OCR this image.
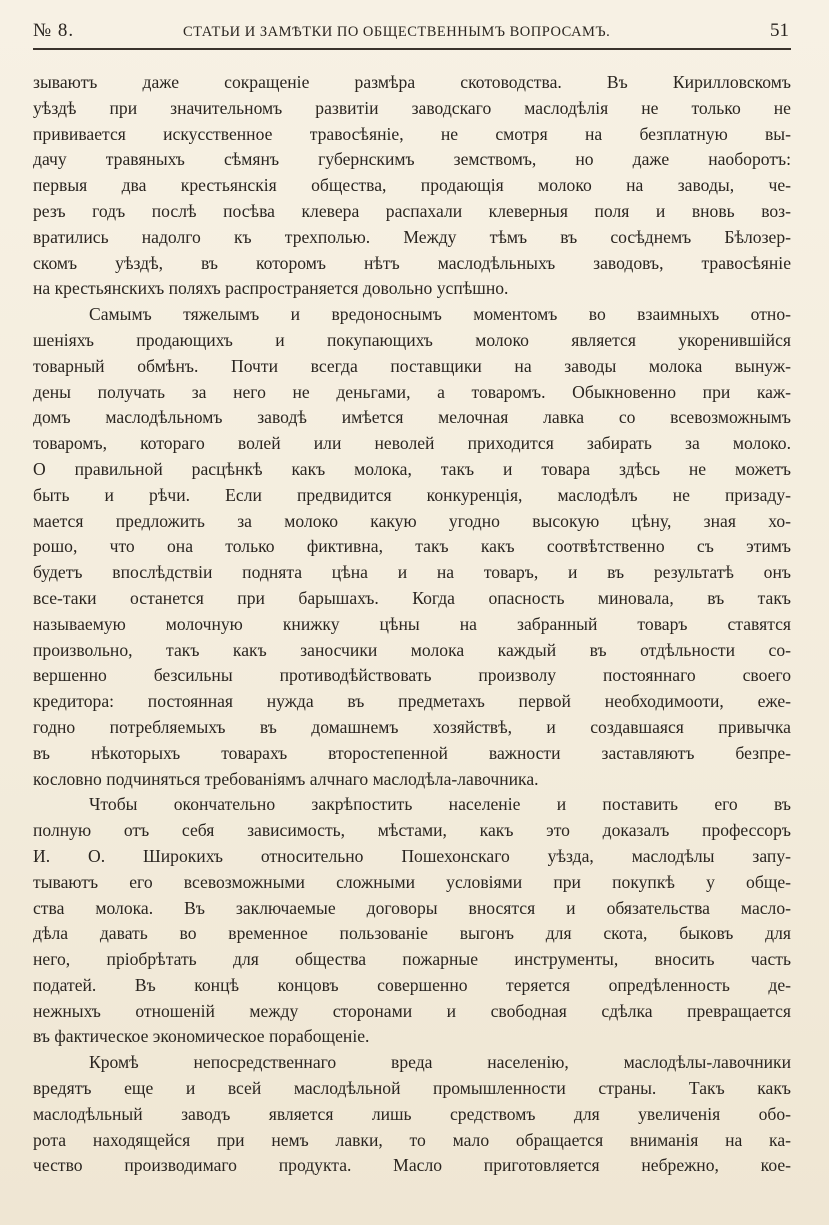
№ 8.	СТАТЬИ И ЗАМѢТКИ ПО ОБЩЕСТВЕННЫМЪ ВОПРОСАМЪ.	51
зываютъ даже сокращеніе размѣра скотоводства. Въ Кирилловскомъ
уѣздѣ при значительномъ развитіи заводскаго маслодѣлія не только не
прививается искусственное травосѣяніе, не смотря на безплатную вы-
дачу травяныхъ сѣмянъ губернскимъ земствомъ, но даже наоборотъ:
первыя два крестьянскія общества, продающія молоко на заводы, че-
резъ годъ послѣ посѣва клевера распахали клеверныя поля и вновь воз-
вратились надолго къ трехполью. Между тѣмъ въ сосѣднемъ Бѣлозер-
скомъ уѣздѣ, въ которомъ нѣтъ маслодѣльныхъ заводовъ, травосѣяніе
на крестьянскихъ поляхъ распространяется довольно успѣшно.
Самымъ тяжелымъ и вредоноснымъ моментомъ во взаимныхъ отно-
шеніяхъ продающихъ и покупающихъ молоко является укоренившійся
товарный обмѣнъ. Почти всегда поставщики на заводы молока вынуж-
дены получать за него не деньгами, а товаромъ. Обыкновенно при каж-
домъ маслодѣльномъ заводѣ имѣется мелочная лавка со всевозможнымъ
товаромъ, котораго волей или неволей приходится забирать за молоко.
О правильной расцѣнкѣ какъ молока, такъ и товара здѣсь не можетъ
быть и рѣчи. Если предвидится конкуренція, маслодѣлъ не призаду-
мается предложить за молоко какую угодно высокую цѣну, зная хо-
рошо, что она только фиктивна, такъ какъ соотвѣтственно съ этимъ
будетъ впослѣдствіи поднята цѣна и на товаръ, и въ результатѣ онъ
все-таки останется при барышахъ. Когда опасность миновала, въ такъ
называемую молочную книжку цѣны на забранный товаръ ставятся
произвольно, такъ какъ заносчики молока каждый въ отдѣльности со-
вершенно безсильны противодѣйствовать произволу постояннаго своего
кредитора: постоянная нужда въ предметахъ первой необходимооти, еже-
годно потребляемыхъ въ домашнемъ хозяйствѣ, и создавшаяся привычка
въ нѣкоторыхъ товарахъ второстепенной важности заставляютъ безпре-
кословно подчиняться требованіямъ алчнаго маслодѣла-лавочника.
Чтобы окончательно закрѣпостить населеніе и поставить его въ
полную отъ себя зависимость, мѣстами, какъ это доказалъ профессоръ
И. О. Широкихъ относительно Пошехонскаго уѣзда, маслодѣлы запу-
тываютъ его всевозможными сложными условіями при покупкѣ у обще-
ства молока. Въ заключаемые договоры вносятся и обязательства масло-
дѣла давать во временное пользованіе выгонъ для скота, быковъ для
него, пріобрѣтать для общества пожарные инструменты, вносить часть
податей. Въ концѣ концовъ совершенно теряется опредѣленность де-
нежныхъ отношеній между сторонами и свободная сдѣлка превращается
въ фактическое экономическое порабощеніе.
Кромѣ непосредственнаго вреда населенію, маслодѣлы-лавочники
вредятъ еще и всей маслодѣльной промышленности страны. Такъ какъ
маслодѣльный заводъ является лишь средствомъ для увеличенія обо-
рота находящейся при немъ лавки, то мало обращается вниманія на ка-
чество производимаго продукта. Масло приготовляется небрежно, кое-
